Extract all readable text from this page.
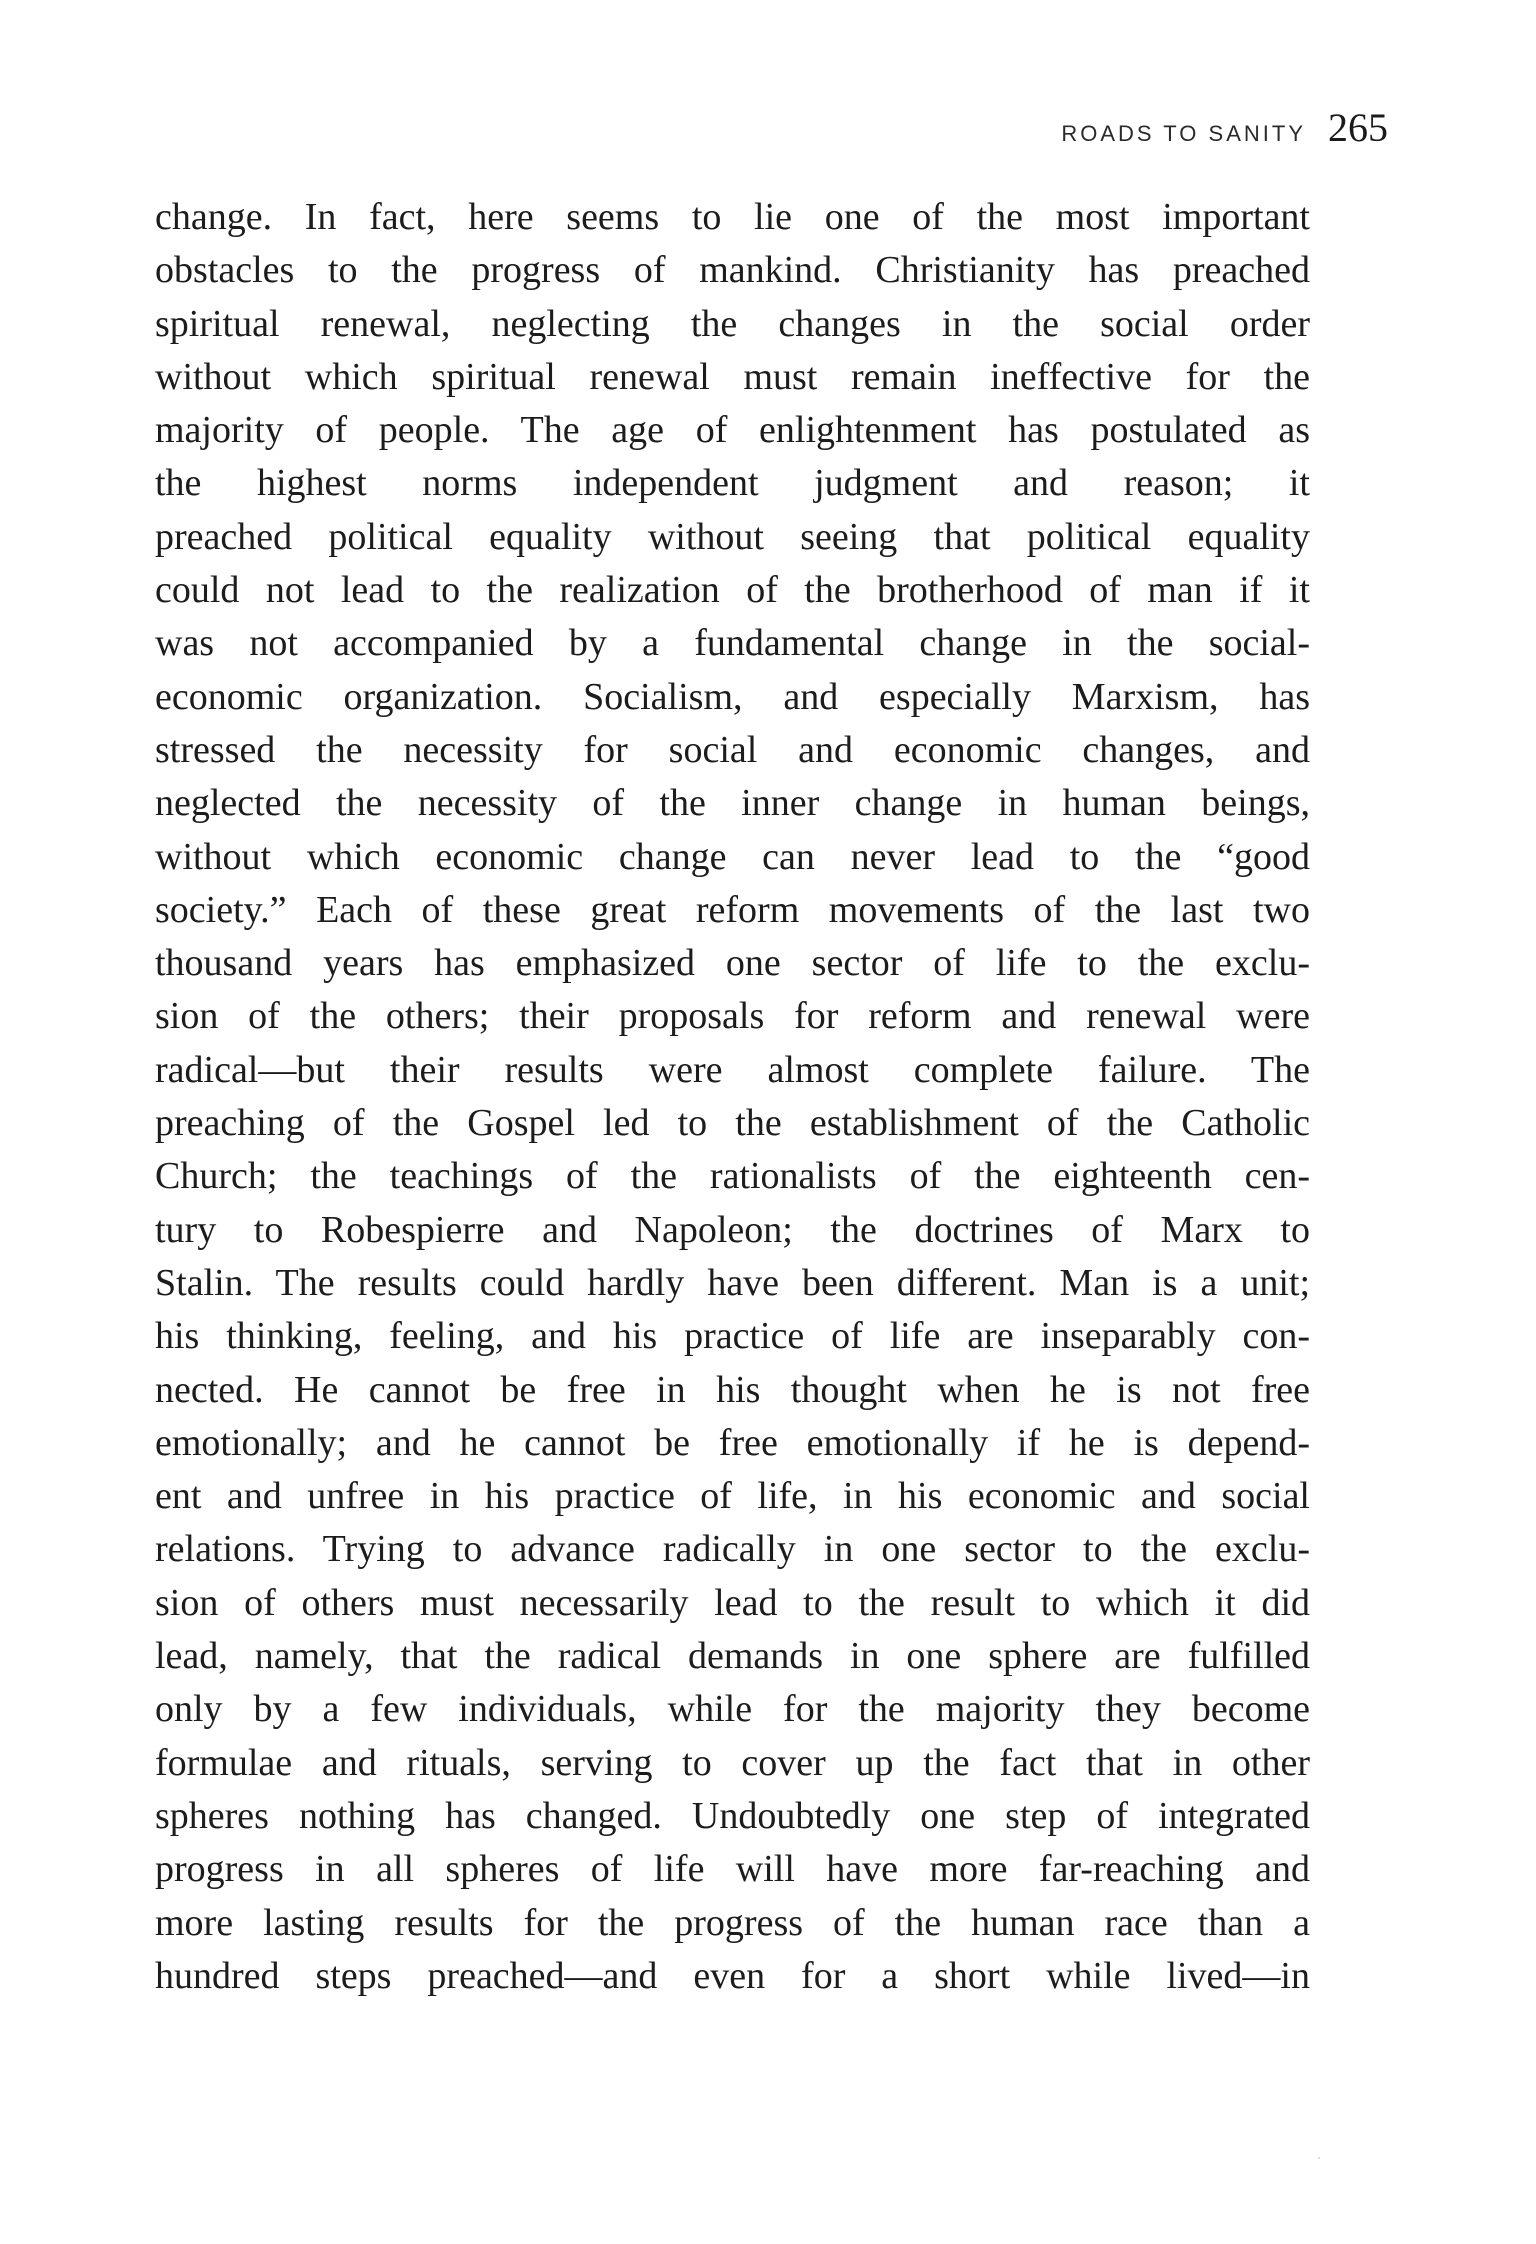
ROADS TO SANITY 265
change. In fact, here seems to lie one of the most important
obstacles to the progress of mankind. Christianity has preached
spiritual renewal, neglecting the changes in the social order
without which spiritual renewal must remain ineffective for the
majority of people. The age of enlightenment has postulated as
the highest norms independent judgment and reason; it
preached political equality without seeing that political equality
could not lead to the realization of the brotherhood of man if it
was not accompanied by a fundamental change in the social-
economic organization. Socialism, and especially Marxism, has
stressed the necessity for social and economic changes, and
neglected the necessity of the inner change in human beings,
without which economic change can never lead to the “good
society.” Each of these great reform movements of the last two
thousand years has emphasized one sector of life to the exclu-
sion of the others; their proposals for reform and renewal were
radical—but their results were almost complete failure. The
preaching of the Gospel led to the establishment of the Catholic
Church; the teachings of the rationalists of the eighteenth cen-
tury to Robespierre and Napoleon; the doctrines of Marx to
Stalin. The results could hardly have been different. Man is a unit;
his thinking, feeling, and his practice of life are inseparably con-
nected. He cannot be free in his thought when he is not free
emotionally; and he cannot be free emotionally if he is depend-
ent and unfree in his practice of life, in his economic and social
relations. Trying to advance radically in one sector to the exclu-
sion of others must necessarily lead to the result to which it did
lead, namely, that the radical demands in one sphere are fulfilled
only by a few individuals, while for the majority they become
formulae and rituals, serving to cover up the fact that in other
spheres nothing has changed. Undoubtedly one step of integrated
progress in all spheres of life will have more far-reaching and
more lasting results for the progress of the human race than a
hundred steps preached—and even for a short while lived—in
